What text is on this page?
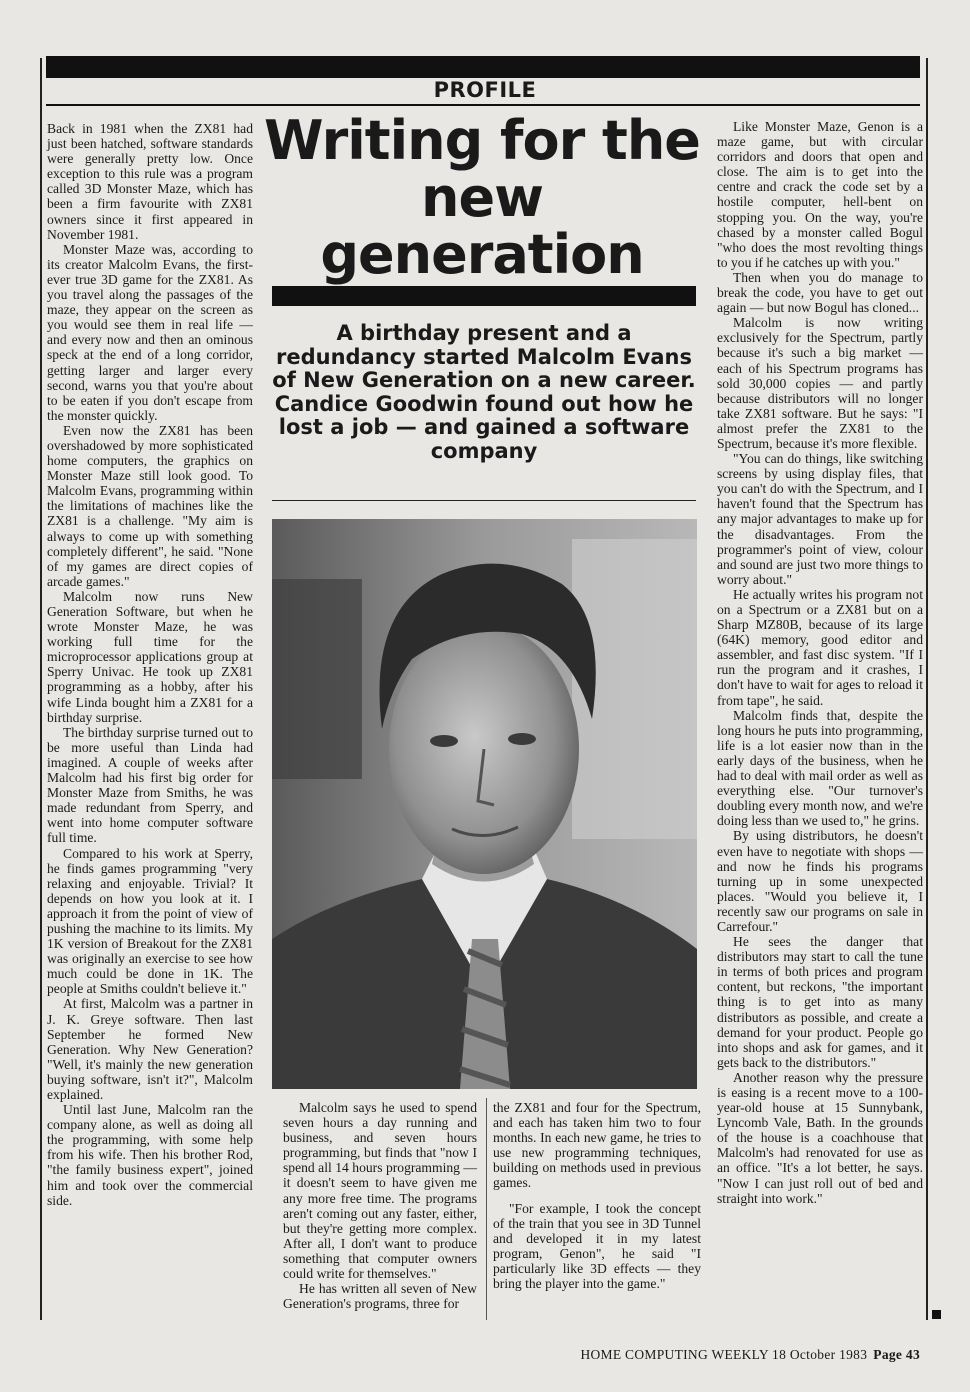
PROFILE

Back in 1981 when the ZX81 had just been hatched, software standards were generally pretty low. Once exception to this rule was a program called 3D Monster Maze, which has been a firm favourite with ZX81 owners since it first appeared in November 1981.

Monster Maze was, according to its creator Malcolm Evans, the first-ever true 3D game for the ZX81. As you travel along the passages of the maze, they appear on the screen as you would see them in real life — and every now and then an ominous speck at the end of a long corridor, getting larger and larger every second, warns you that you're about to be eaten if you don't escape from the monster quickly.

Even now the ZX81 has been overshadowed by more sophisticated home computers, the graphics on Monster Maze still look good. To Malcolm Evans, programming within the limitations of machines like the ZX81 is a challenge. "My aim is always to come up with something completely different", he said. "None of my games are direct copies of arcade games."

Malcolm now runs New Generation Software, but when he wrote Monster Maze, he was working full time for the microprocessor applications group at Sperry Univac. He took up ZX81 programming as a hobby, after his wife Linda bought him a ZX81 for a birthday surprise.

The birthday surprise turned out to be more useful than Linda had imagined. A couple of weeks after Malcolm had his first big order for Monster Maze from Smiths, he was made redundant from Sperry, and went into home computer software full time.

Compared to his work at Sperry, he finds games programming "very relaxing and enjoyable. Trivial? It depends on how you look at it. I approach it from the point of view of pushing the machine to its limits. My 1K version of Breakout for the ZX81 was originally an exercise to see how much could be done in 1K. The people at Smiths couldn't believe it."

At first, Malcolm was a partner in J. K. Greye software. Then last September he formed New Generation. Why New Generation? "Well, it's mainly the new generation buying software, isn't it?", Malcolm explained.

Until last June, Malcolm ran the company alone, as well as doing all the programming, with some help from his wife. Then his brother Rod, "the family business expert", joined him and took over the commercial side.

Writing for the new generation
A birthday present and a redundancy started Malcolm Evans of New Generation on a new career. Candice Goodwin found out how he lost a job — and gained a software company

Malcolm says he used to spend seven hours a day running and business, and seven hours programming, but finds that "now I spend all 14 hours programming — it doesn't seem to have given me any more free time. The programs aren't coming out any faster, either, but they're getting more complex. After all, I don't want to produce something that computer owners could write for themselves."

He has written all seven of New Generation's programs, three for

the ZX81 and four for the Spectrum, and each has taken him two to four months. In each new game, he tries to use new programming techniques, building on methods used in previous games.

"For example, I took the concept of the train that you see in 3D Tunnel and developed it in my latest program, Genon", he said "I particularly like 3D effects — they bring the player into the game."

Like Monster Maze, Genon is a maze game, but with circular corridors and doors that open and close. The aim is to get into the centre and crack the code set by a hostile computer, hell-bent on stopping you. On the way, you're chased by a monster called Bogul "who does the most revolting things to you if he catches up with you."

Then when you do manage to break the code, you have to get out again — but now Bogul has cloned...

Malcolm is now writing exclusively for the Spectrum, partly because it's such a big market — each of his Spectrum programs has sold 30,000 copies — and partly because distributors will no longer take ZX81 software. But he says: "I almost prefer the ZX81 to the Spectrum, because it's more flexible.

"You can do things, like switching screens by using display files, that you can't do with the Spectrum, and I haven't found that the Spectrum has any major advantages to make up for the disadvantages. From the programmer's point of view, colour and sound are just two more things to worry about."

He actually writes his program not on a Spectrum or a ZX81 but on a Sharp MZ80B, because of its large (64K) memory, good editor and assembler, and fast disc system. "If I run the program and it crashes, I don't have to wait for ages to reload it from tape", he said.

Malcolm finds that, despite the long hours he puts into programming, life is a lot easier now than in the early days of the business, when he had to deal with mail order as well as everything else. "Our turnover's doubling every month now, and we're doing less than we used to," he grins.

By using distributors, he doesn't even have to negotiate with shops — and now he finds his programs turning up in some unexpected places. "Would you believe it, I recently saw our programs on sale in Carrefour."

He sees the danger that distributors may start to call the tune in terms of both prices and program content, but reckons, "the important thing is to get into as many distributors as possible, and create a demand for your product. People go into shops and ask for games, and it gets back to the distributors."

Another reason why the pressure is easing is a recent move to a 100-year-old house at 15 Sunnybank, Lyncomb Vale, Bath. In the grounds of the house is a coachhouse that Malcolm's had renovated for use as an office. "It's a lot better, he says. "Now I can just roll out of bed and straight into work."

HOME COMPUTING WEEKLY 18 October 1983 Page 43
